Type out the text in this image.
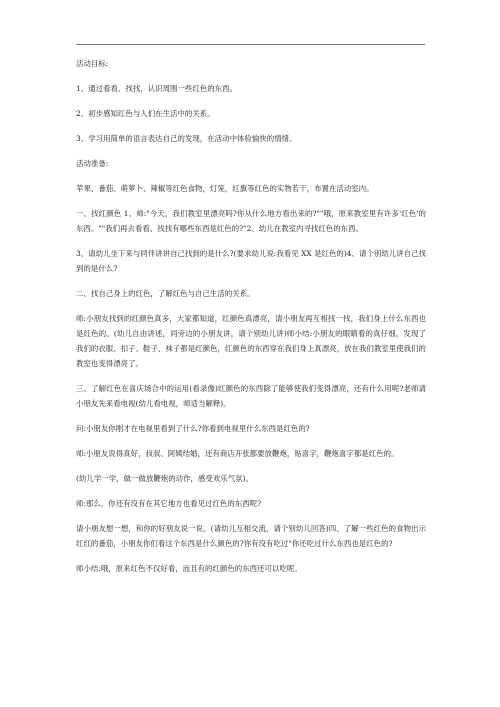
活动目标:

1、通过看看、找找，认识周围一些红色的东西。

2、初步感知红色与人们在生活中的关系。

3、学习用简单的语言表达自己的发现，在活动中体验愉快的情绪。

活动准备:

苹果、番茄、萌萝卜、辣椒等红色食物，灯笼，红旗等红色的实物若干，布置在活动室内。

一、找红颜色 1、师:"今天，我们教室里漂亮吗?你从什么地方看出来的?""哦，原来教室里有许多'红色'的东西。""我们再去看看、找找有哪些东西是红色的?"2、幼儿在教室内寻找红色的东西。

3、请幼儿坐下来与同伴讲讲自己找到的是什么?(要求幼儿说:我看见 XX 是红色的)4、请个别幼儿讲自己找到的是什么?

二、找自己身上的红色，了解红色与自己生活的关系。

师:小朋友找到的红颜色真多，大家都知道，红颜色真漂亮，请小朋友再互相找一找，我们身上什么东西也是红色的。(幼儿自由讲述，同旁边的小朋友讲，请个别幼儿讲)师小结:小朋友的眼睛看的真仔细，发现了我们的衣服、扣子、鞋子、袜子都是红颜色，红颜色的东西穿在我们身上真漂亮，放在我们教室里使我们的教室也变得漂亮了。

三、了解红色在喜庆场合中的运用(看录像)红颜色的东西除了能够使我们变得漂亮，还有什么用呢?老师请小朋友先来看电视(幼儿看电视，师适当解释)。

问:小朋友你刚才在电视里看到了什么?你看到电视里什么东西是红色的?

师:小朋友说得真好，叔叔、阿姨结婚，还有商店开张都要放鞭炮，贴喜字，鞭炮喜字都是红色的。

(幼儿学一学，做一做放鞭炮的动作，感受欢乐气氛)。

师:那么，你还有没有在其它地方也看见过红色的东西呢?

请小朋友想一想，和你的好朋友说一说。(请幼儿互相交流，请个别幼儿回答)四、了解一些红色的食物出示红红的番茄，小朋友你们看这个东西是什么颜色的?你有没有吃过"你还吃过什么东西也是红色的?

师小结:哦，原来红色不仅好看，而且有的红颜色的东西还可以吃呢。
